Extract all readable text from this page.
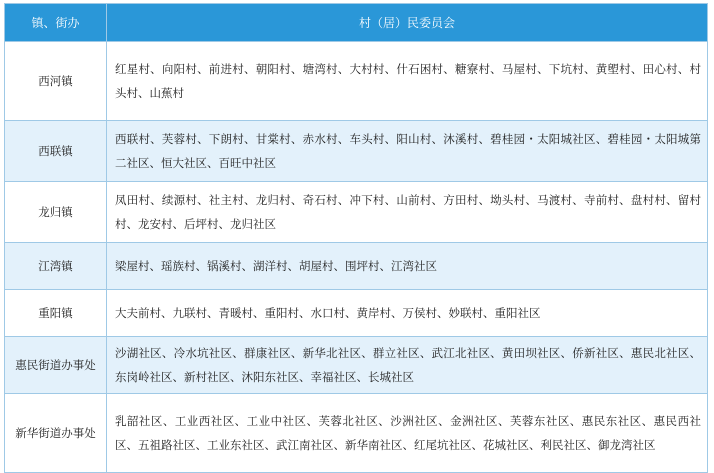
镇、街办	村（居）民委员会
西河镇	红星村、向阳村、前进村、朝阳村、塘湾村、大村村、什石困村、糖寮村、马屋村、下坑村、黄塱村、田心村、村头村、山蕉村
西联镇	西联村、芙蓉村、下朗村、甘棠村、赤水村、车头村、阳山村、沐溪村、碧桂园・太阳城社区、碧桂园・太阳城第二社区、恒大社区、百旺中社区
龙归镇	凤田村、续源村、社主村、龙归村、奇石村、冲下村、山前村、方田村、坳头村、马渡村、寺前村、盘村村、留村村、龙安村、后坪村、龙归社区
江湾镇	梁屋村、瑶族村、锅溪村、湖洋村、胡屋村、围坪村、江湾社区
重阳镇	大夫前村、九联村、青暖村、重阳村、水口村、黄岸村、万侯村、妙联村、重阳社区
惠民街道办事处	沙湖社区、冷水坑社区、群康社区、新华北社区、群立社区、武江北社区、黄田坝社区、侨新社区、惠民北社区、东岗岭社区、新村社区、沐阳东社区、幸福社区、长城社区
新华街道办事处	乳韶社区、工业西社区、工业中社区、芙蓉北社区、沙洲社区、金洲社区、芙蓉东社区、惠民东社区、惠民西社区、五祖路社区、工业东社区、武江南社区、新华南社区、红尾坑社区、花城社区、利民社区、御龙湾社区
